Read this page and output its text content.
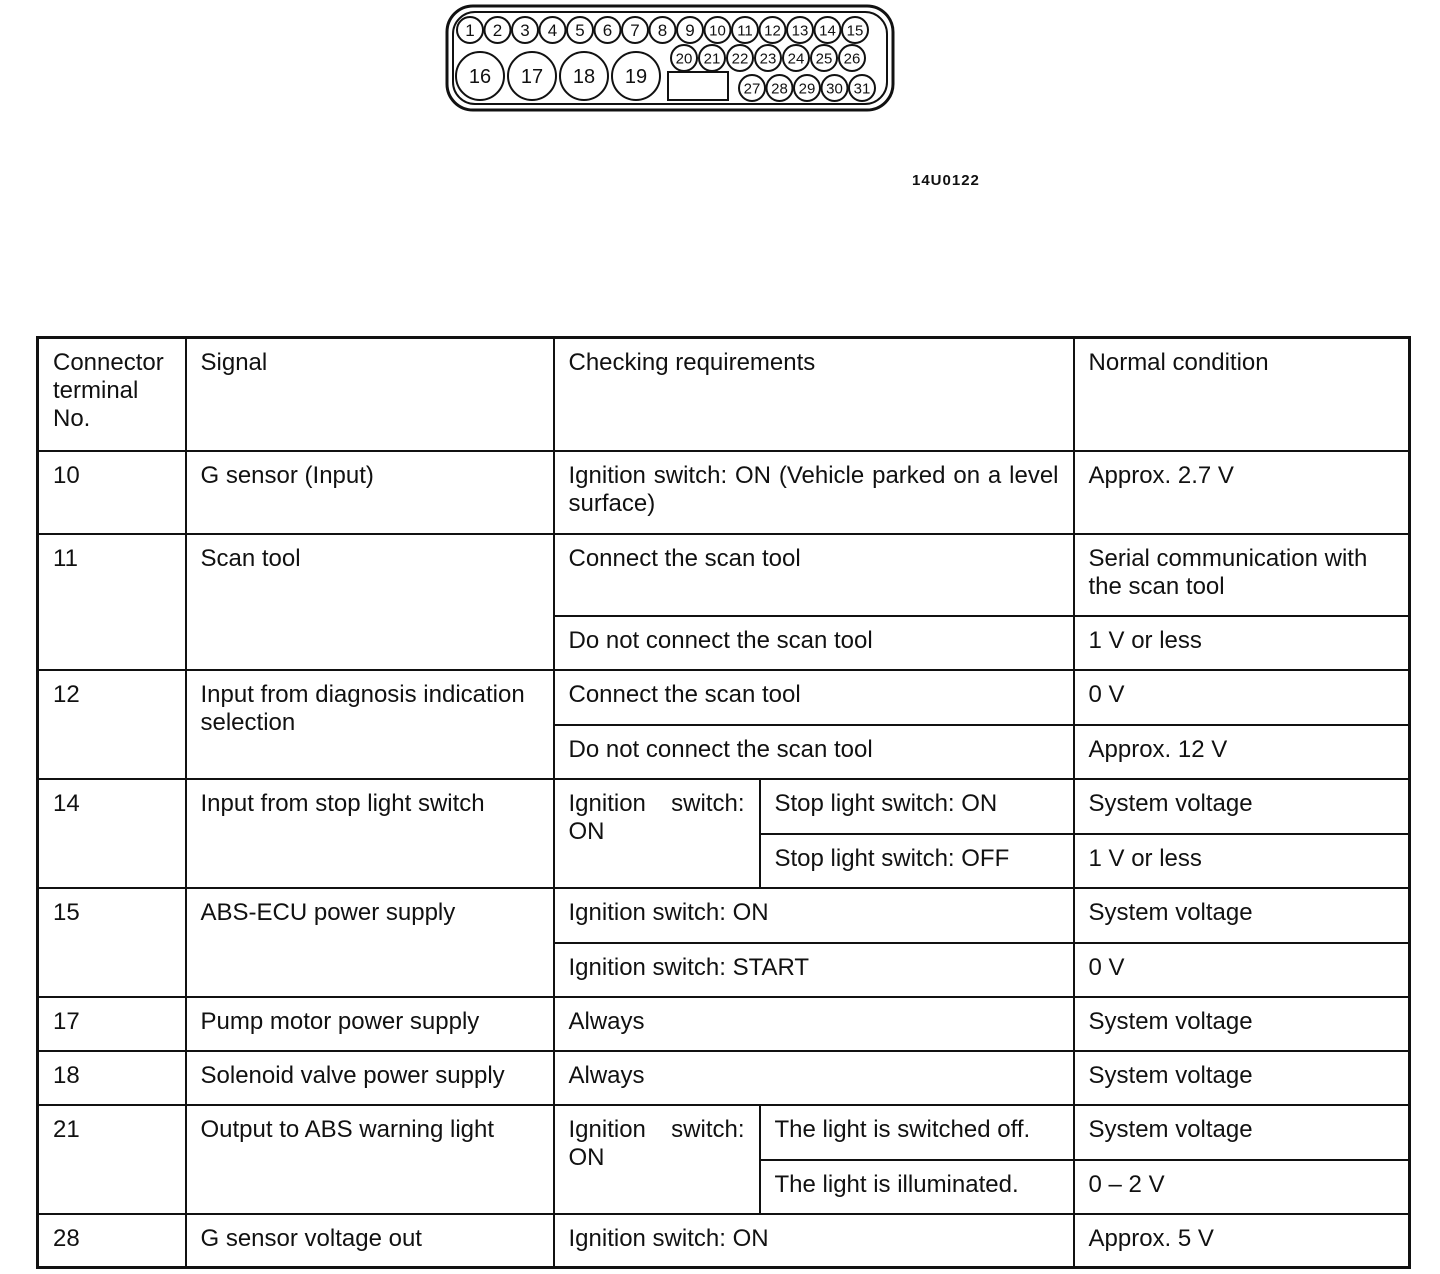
1 2 3 4 5 6 7 8 9 10 11 12 13 14 15
16 17 18 19
20 21 22 23 24 25 26
27 28 29 30 31
14U0122
Connector terminal No.	Signal	Checking requirements		Normal condition
10	G sensor (Input)	Ignition switch: ON (Vehicle parked on a level surface)		Approx. 2.7 V
11	Scan tool	Connect the scan tool		Serial communication with the scan tool
		Do not connect the scan tool		1 V or less
12	Input from diagnosis indication selection	Connect the scan tool		0 V
		Do not connect the scan tool		Approx. 12 V
14	Input from stop light switch	Ignition switch: ON	Stop light switch: ON	System voltage
			Stop light switch: OFF	1 V or less
15	ABS-ECU power supply	Ignition switch: ON		System voltage
		Ignition switch: START		0 V
17	Pump motor power supply	Always		System voltage
18	Solenoid valve power supply	Always		System voltage
21	Output to ABS warning light	Ignition switch: ON	The light is switched off.	System voltage
			The light is illuminated.	0 – 2 V
28	G sensor voltage out	Ignition switch: ON		Approx. 5 V
